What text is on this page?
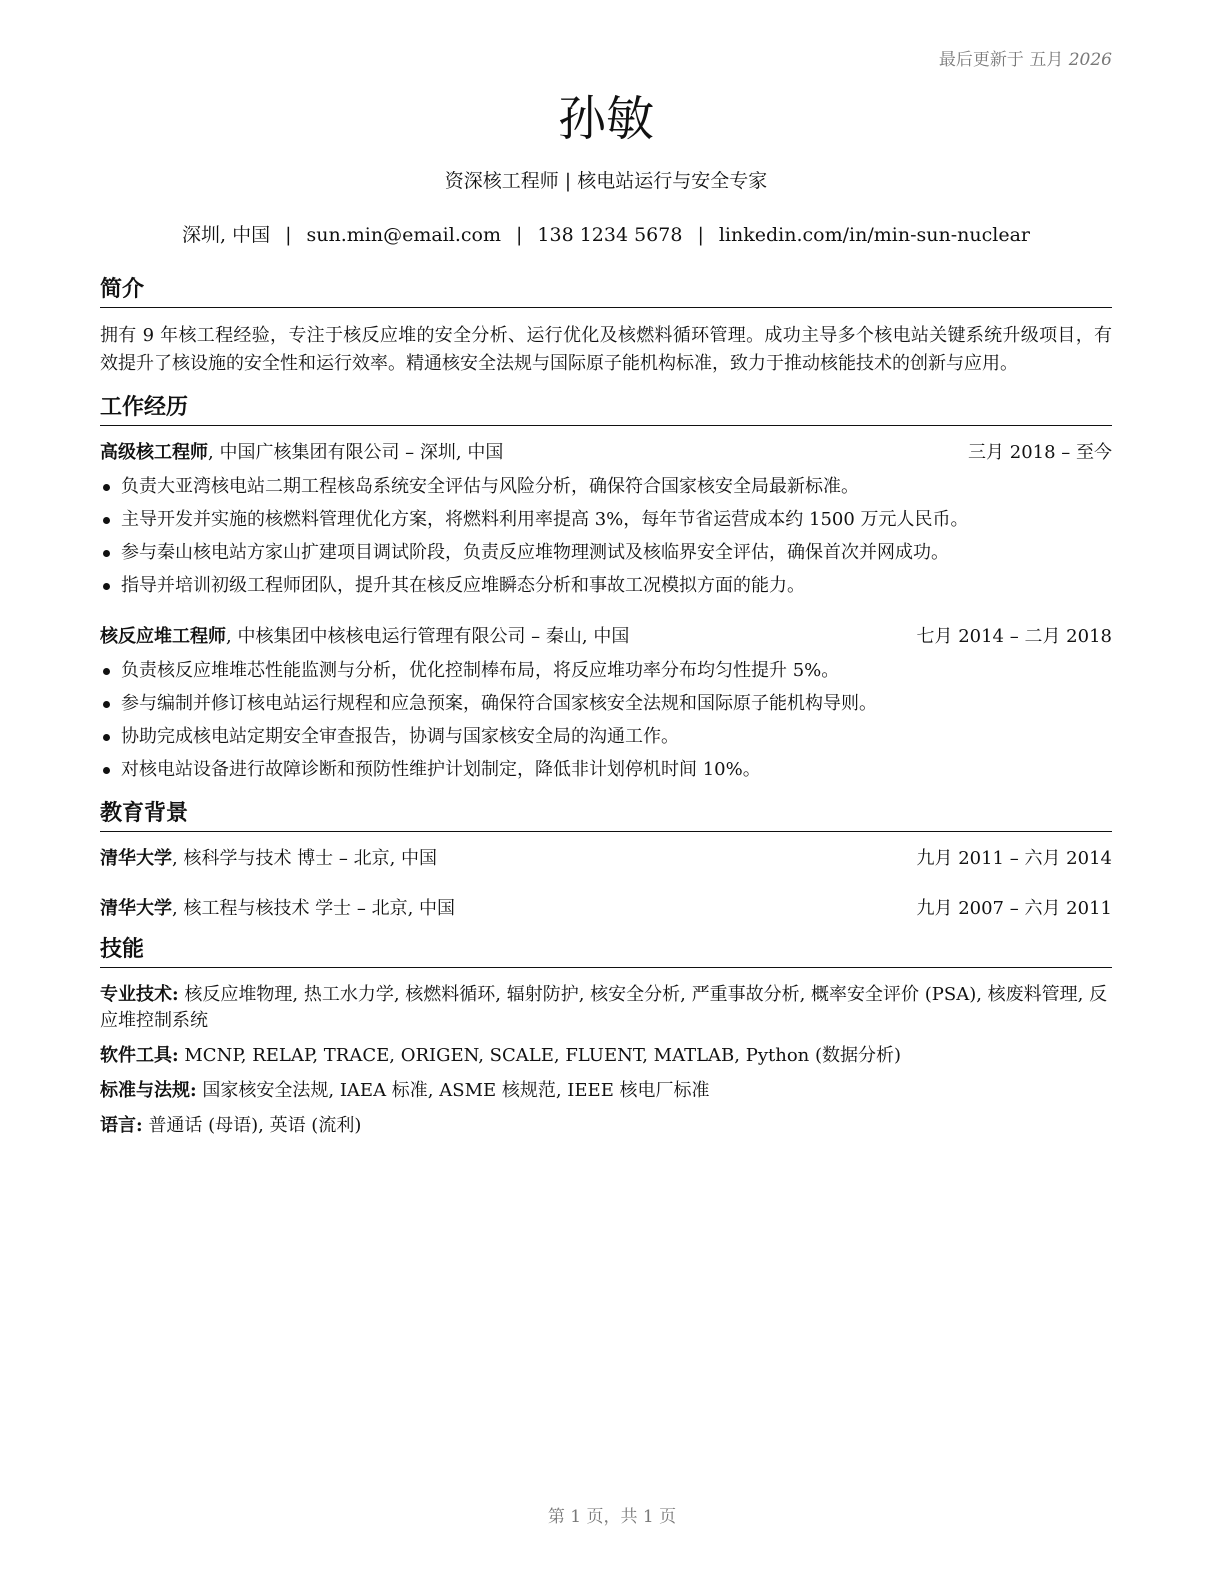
最后更新于 五月 2026
孙敏
资深核工程师 | 核电站运行与安全专家
深圳, 中国 | sun.min@email.com | 138 1234 5678 | linkedin.com/in/min-sun-nuclear
简介
拥有 9 年核工程经验，专注于核反应堆的安全分析、运行优化及核燃料循环管理。成功主导多个核电站关键系统升级项目，有效提升了核设施的安全性和运行效率。精通核安全法规与国际原子能机构标准，致力于推动核能技术的创新与应用。
工作经历
高级核工程师, 中国广核集团有限公司 – 深圳, 中国	三月 2018 – 至今
负责大亚湾核电站二期工程核岛系统安全评估与风险分析，确保符合国家核安全局最新标准。
主导开发并实施的核燃料管理优化方案，将燃料利用率提高 3%，每年节省运营成本约 1500 万元人民币。
参与秦山核电站方家山扩建项目调试阶段，负责反应堆物理测试及核临界安全评估，确保首次并网成功。
指导并培训初级工程师团队，提升其在核反应堆瞬态分析和事故工况模拟方面的能力。
核反应堆工程师, 中核集团中核核电运行管理有限公司 – 秦山, 中国	七月 2014 – 二月 2018
负责核反应堆堆芯性能监测与分析，优化控制棒布局，将反应堆功率分布均匀性提升 5%。
参与编制并修订核电站运行规程和应急预案，确保符合国家核安全法规和国际原子能机构导则。
协助完成核电站定期安全审查报告，协调与国家核安全局的沟通工作。
对核电站设备进行故障诊断和预防性维护计划制定，降低非计划停机时间 10%。
教育背景
清华大学, 核科学与技术 博士 – 北京, 中国	九月 2011 – 六月 2014
清华大学, 核工程与核技术 学士 – 北京, 中国	九月 2007 – 六月 2011
技能
专业技术: 核反应堆物理, 热工水力学, 核燃料循环, 辐射防护, 核安全分析, 严重事故分析, 概率安全评价 (PSA), 核废料管理, 反应堆控制系统
软件工具: MCNP, RELAP, TRACE, ORIGEN, SCALE, FLUENT, MATLAB, Python (数据分析)
标准与法规: 国家核安全法规, IAEA 标准, ASME 核规范, IEEE 核电厂标准
语言: 普通话 (母语), 英语 (流利)
第 1 页，共 1 页
